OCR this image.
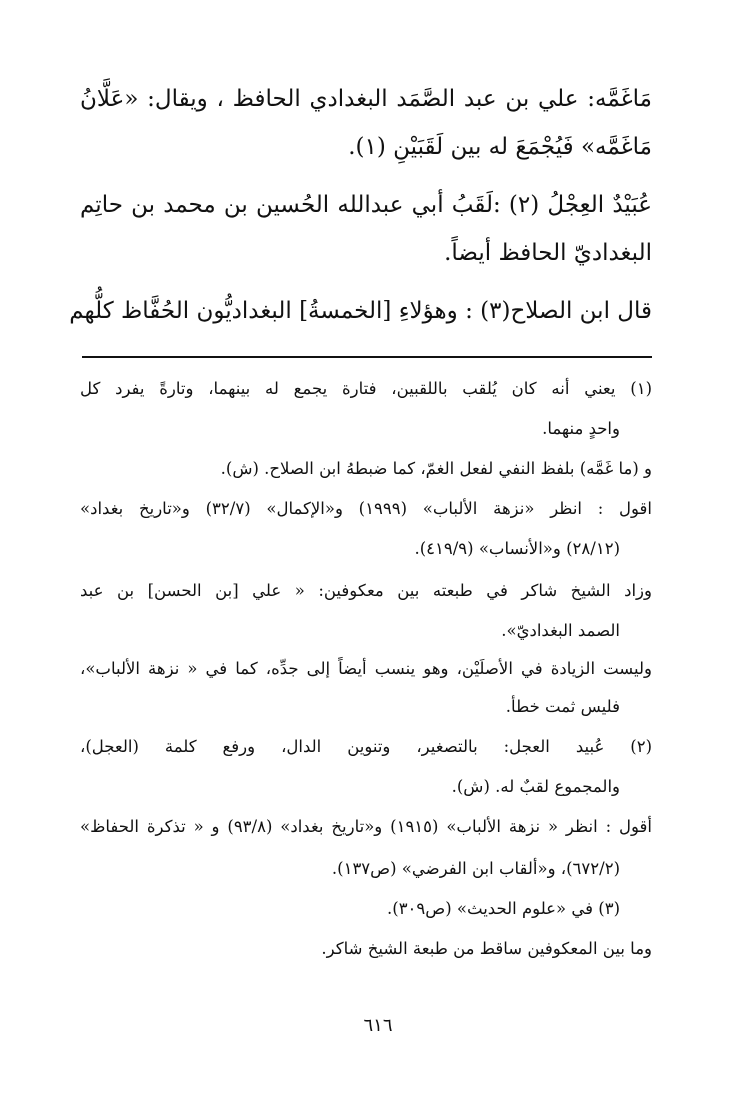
مَاغَمَّه: علي بن عبد الصَّمَد البغدادي الحافظ ، ويقال: «عَلَّانُ
مَاغَمَّه» فَيُجْمَعَ له بين لَقَبَيْنِ (١).
عُبَيْدٌ العِجْلُ (٢) :لَقَبُ أبي عبدالله الحُسين بن محمد بن حاتِم
البغداديّ الحافظ أيضاً.
قال ابن الصلاح(٣) : وهؤلاءِ [الخمسةُ] البغداديُّون الحُفَّاظ كلُّهم
(١) يعني أنه كان يُلقب باللقبين، فتارة يجمع له بينهما، وتارةً يفرد كل
واحدٍ منهما.
و (ما غَمَّه) بلفظ النفي لفعل الغمّ، كما ضبطهُ ابن الصلاح. (ش).
اقول : انظر «نزهة الألباب» (١٩٩٩) و«الإكمال» (٣٢/٧) و«تاريخ بغداد»
(٢٨/١٢) و«الأنساب» (٤١٩/٩).
وزاد الشيخ شاكر في طبعته بين معكوفين: « علي [بن الحسن] بن عبد
الصمد البغداديّ».
وليست الزيادة في الأصلَيْن، وهو ينسب أيضاً إلى جدِّه، كما في « نزهة الألباب»،
فليس ثمت خطأ.
(٢) عُبيد العجل: بالتصغير، وتنوين الدال، ورفع كلمة (العجل)،
والمجموع لقبٌ له. (ش).
أقول : انظر « نزهة الألباب» (١٩١٥) و«تاريخ بغداد» (٩٣/٨) و « تذكرة الحفاظ»
(٦٧٢/٢)، و«ألقاب ابن الفرضي» (ص١٣٧).
(٣) في «علوم الحديث» (ص٣٠٩).
وما بين المعكوفين ساقط من طبعة الشيخ شاكر.
٦١٦
